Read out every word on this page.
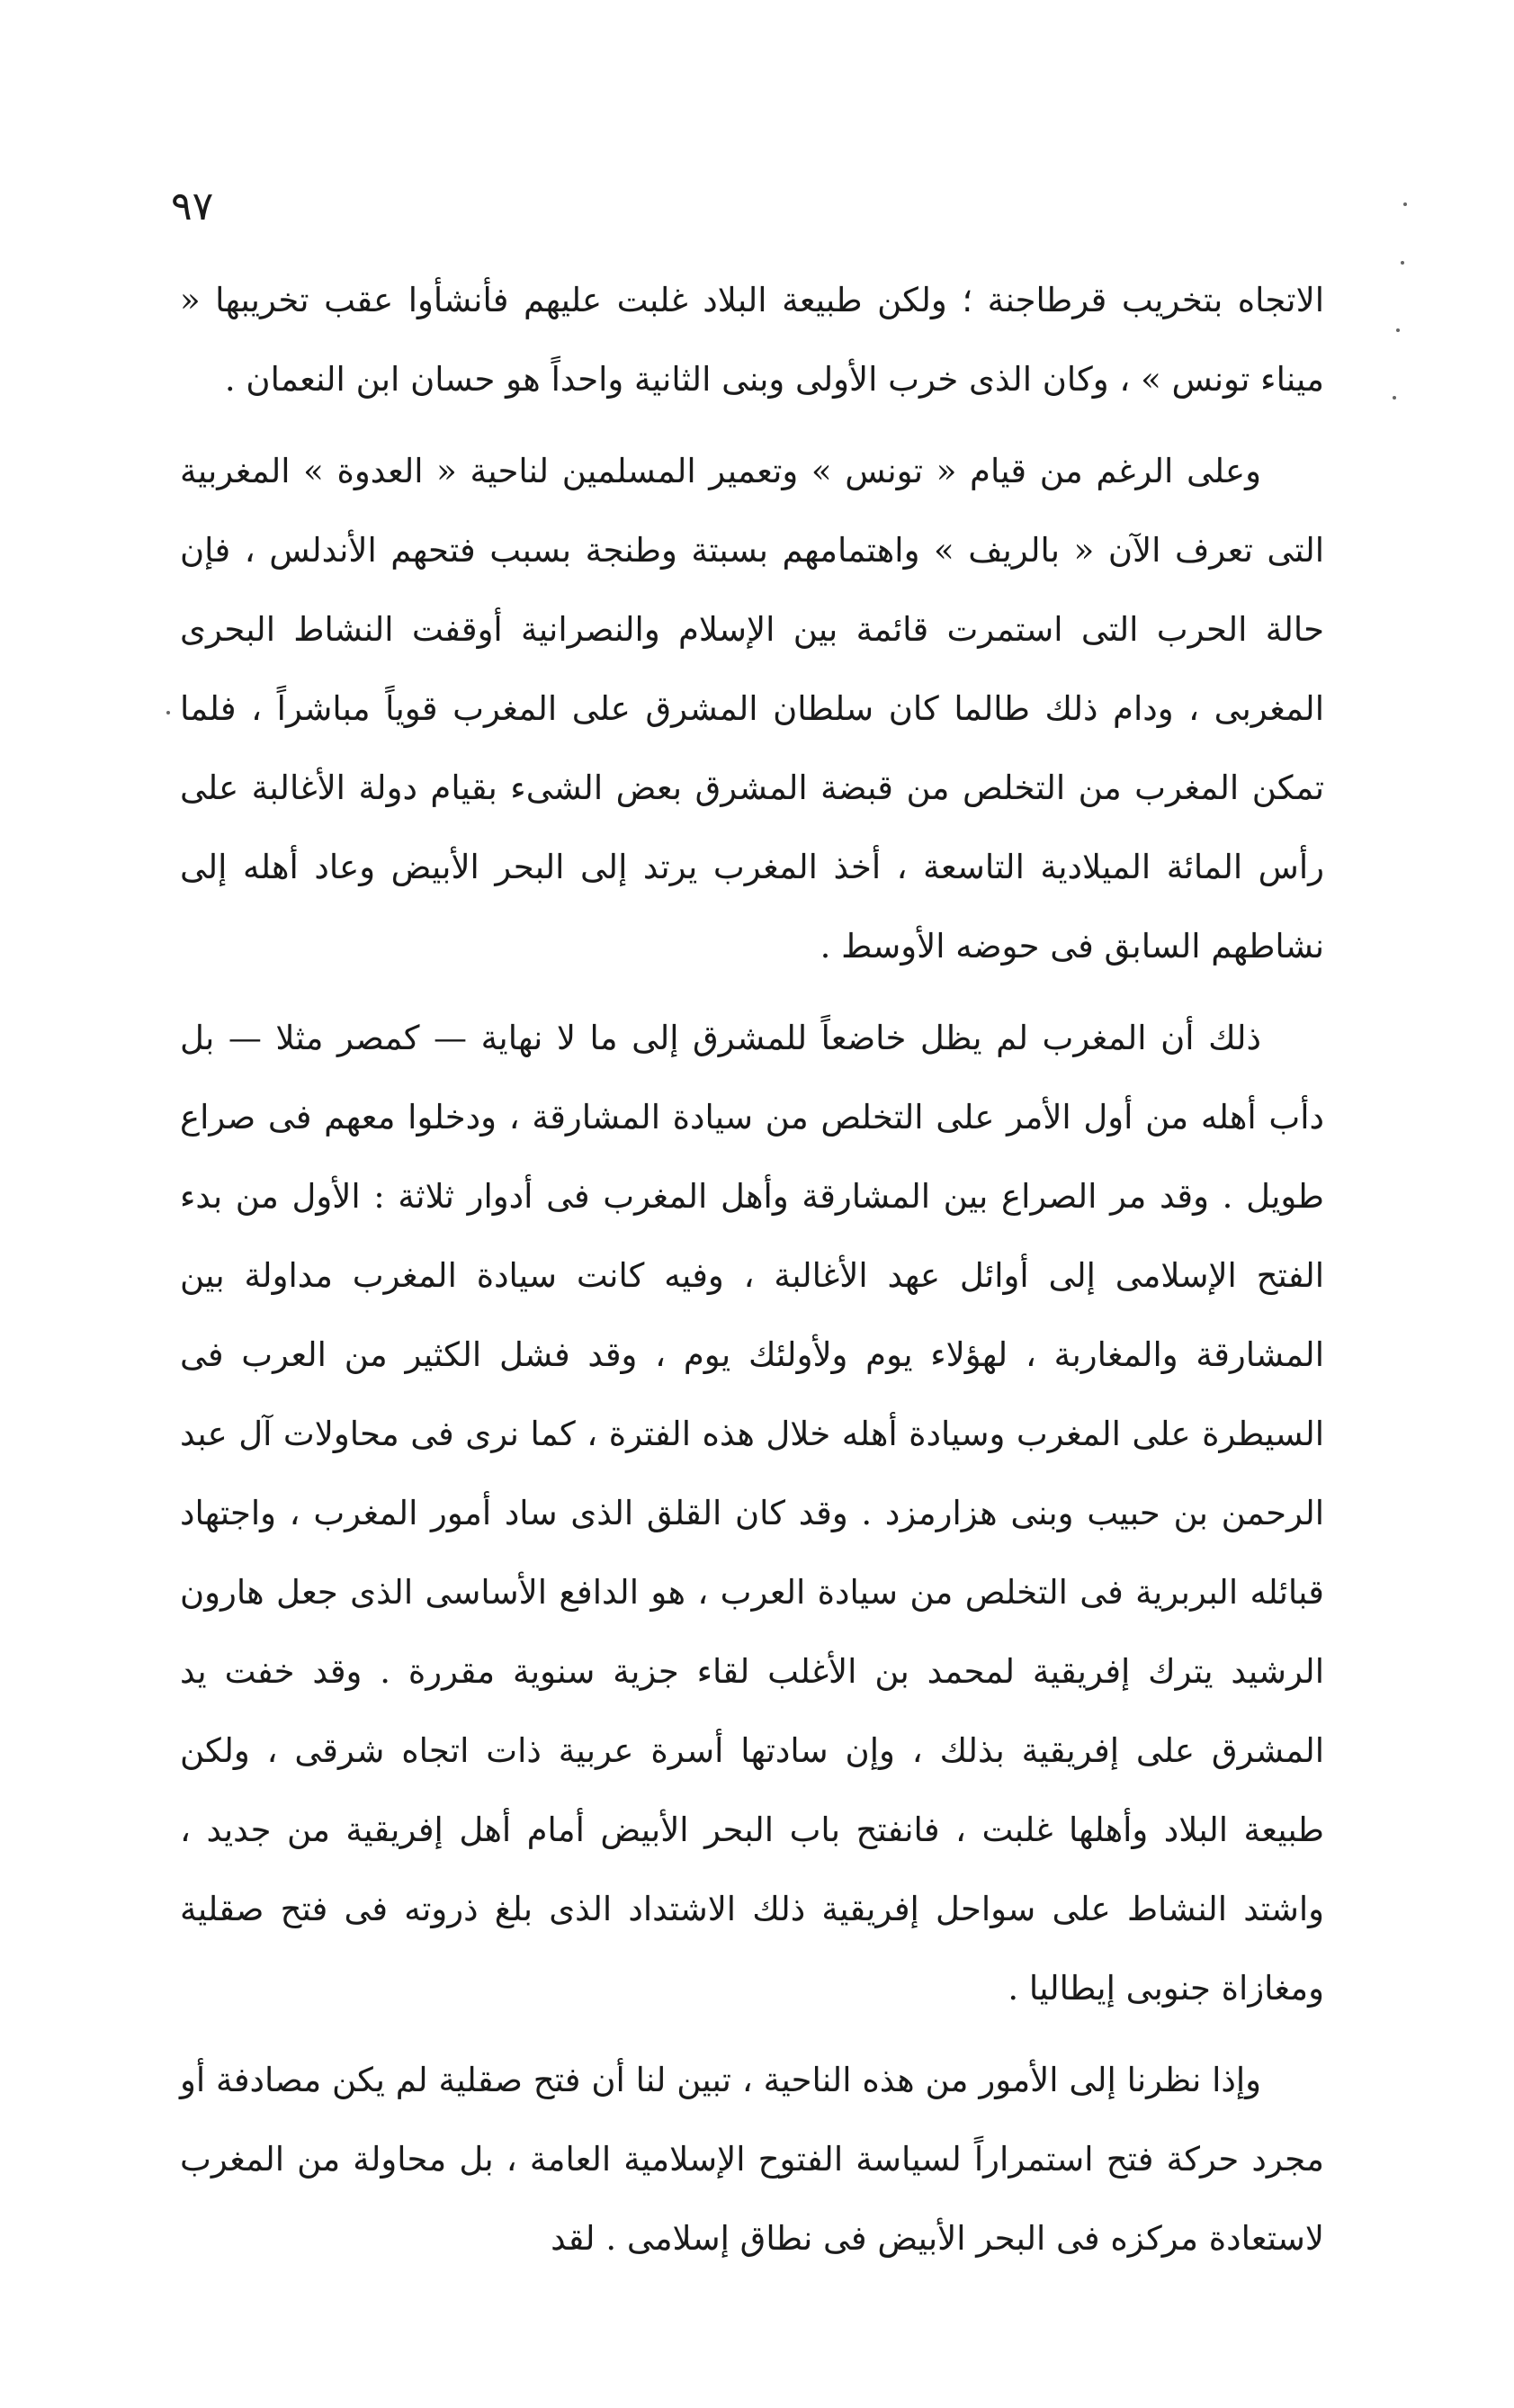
٩٧

الاتجاه بتخريب قرطاجنة ؛ ولكن طبيعة البلاد غلبت عليهم فأنشأوا عقب تخريبها « ميناء تونس » ، وكان الذى خرب الأولى وبنى الثانية واحداً هو حسان ابن النعمان .

وعلى الرغم من قيام « تونس » وتعمير المسلمين لناحية « العدوة » المغربية التى تعرف الآن « بالريف » واهتمامهم بسبتة وطنجة بسبب فتحهم الأندلس ، فإن حالة الحرب التى استمرت قائمة بين الإسلام والنصرانية أوقفت النشاط البحرى المغربى ، ودام ذلك طالما كان سلطان المشرق على المغرب قوياً مباشراً ، فلما تمكن المغرب من التخلص من قبضة المشرق بعض الشىء بقيام دولة الأغالبة على رأس المائة الميلادية التاسعة ، أخذ المغرب يرتد إلى البحر الأبيض وعاد أهله إلى نشاطهم السابق فى حوضه الأوسط .

ذلك أن المغرب لم يظل خاضعاً للمشرق إلى ما لا نهاية — كمصر مثلا — بل دأب أهله من أول الأمر على التخلص من سيادة المشارقة ، ودخلوا معهم فى صراع طويل . وقد مر الصراع بين المشارقة وأهل المغرب فى أدوار ثلاثة : الأول من بدء الفتح الإسلامى إلى أوائل عهد الأغالبة ، وفيه كانت سيادة المغرب مداولة بين المشارقة والمغاربة ، لهؤلاء يوم ولأولئك يوم ، وقد فشل الكثير من العرب فى السيطرة على المغرب وسيادة أهله خلال هذه الفترة ، كما نرى فى محاولات آل عبد الرحمن بن حبيب وبنى هزارمزد . وقد كان القلق الذى ساد أمور المغرب ، واجتهاد قبائله البربرية فى التخلص من سيادة العرب ، هو الدافع الأساسى الذى جعل هارون الرشيد يترك إفريقية لمحمد بن الأغلب لقاء جزية سنوية مقررة . وقد خفت يد المشرق على إفريقية بذلك ، وإن سادتها أسرة عربية ذات اتجاه شرقى ، ولكن طبيعة البلاد وأهلها غلبت ، فانفتح باب البحر الأبيض أمام أهل إفريقية من جديد ، واشتد النشاط على سواحل إفريقية ذلك الاشتداد الذى بلغ ذروته فى فتح صقلية ومغازاة جنوبى إيطاليا .

وإذا نظرنا إلى الأمور من هذه الناحية ، تبين لنا أن فتح صقلية لم يكن مصادفة أو مجرد حركة فتح استمراراً لسياسة الفتوح الإسلامية العامة ، بل محاولة من المغرب لاستعادة مركزه فى البحر الأبيض فى نطاق إسلامى . لقد
